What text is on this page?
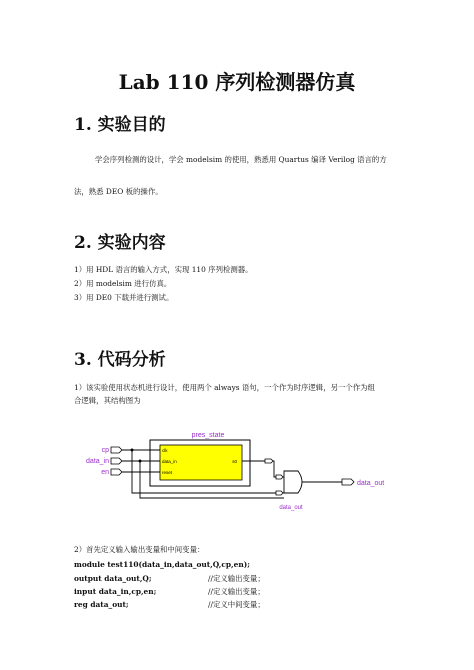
Lab 110 序列检测器仿真
1. 实验目的
学会序列检测的设计，学会 modelsim 的使用，熟悉用 Quartus 编译 Verilog 语言的方
法，熟悉 DEO 板的操作。
2. 实验内容
1）用 HDL 语言的输入方式，实现 110 序列检测器。
2）用 modelsim 进行仿真。
3）用 DE0 下载并进行测试。
3. 代码分析
1）该实验使用状态机进行设计，使用两个 always 语句，一个作为时序逻辑，另一个作为组
合逻辑，其结构图为
pres_state
clk
data_in
reset
s0
cp
data_in
en
data_out
data_out
2）首先定义输入输出变量和中间变量：
module test110(data_in,data_out,Q,cp,en);
output data_out,Q;	//定义输出变量；
input data_in,cp,en;	//定义输出变量；
reg data_out;	//定义中间变量；
